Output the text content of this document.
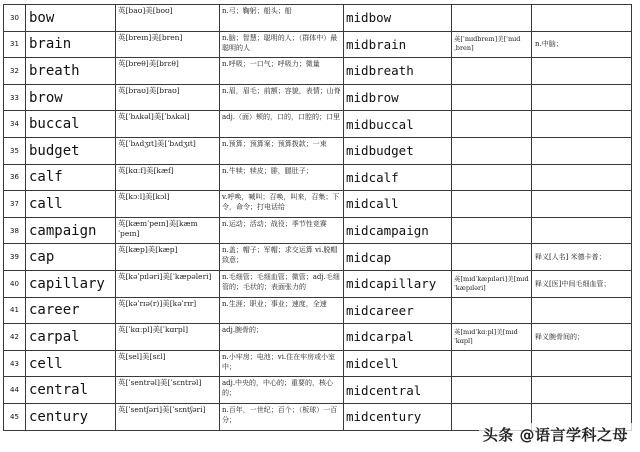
30	bow	英[baʊ]美[boʊ]	n.弓；鞠躬；船头；船	midbow		

31	brain	英[breɪn]美[bren]	n.脑；智慧；聪明的人；（群体中）最聪明的人	midbrain	英[ˈmɪdbreɪn]美[ˈmɪdˌbren]	n.中脑；

32	breath	英[breθ]美[brɛθ]	n.呼吸；一口气；呼吸力；微量	midbreath		

33	brow	英[braʊ]美[braʊ]	n.眉，眉毛；前额；容貌，表情；山脊	midbrow		

34	buccal	英[ˈbʌkəl]美[ˈbʌkəl]	adj.（面）颊的，口的，口腔的；口里	midbuccal		

35	budget	英[ˈbʌdʒɪt]美[ˈbʌdʒɪt]	n.预算；预算案；预算拨款；一束	midbudget		

36	calf	英[kɑːf]美[kæf]	n.牛犊；犊皮；腓，腿肚子；	midcalf		

37	call	英[kɔːl]美[kɔl]	v.呼唤，喊叫；召唤，叫来，召集；下令，命令；打电话给	midcall		

38	campaign	英[kæmˈpeɪn]美[kæmˈpeɪn]	n.运动；活动；战役；季节性竞赛	midcampaign		

39	cap	英[kæp]美[kæp]	n.盖；帽子；军帽；求交运算 vi.脱帽致意；	midcap		释义[人名] 米德卡普；

40	capillary	英[kəˈpɪləri]美[ˈkæpəleri]	n.毛细管；毛细血管；微管；adj.毛细管的；毛状的；表面张力的	midcapillary	英[mɪdˈkæpɪləri]美[mɪdˈkæpɪləri]	释义[医]中间毛细血管；

41	career	英[kəˈrɪə(r)]美[kəˈrɪr]	n.生涯；职业；事业；速度，全速	midcareer		

42	carpal	英[ˈkɑːpl]美[ˈkɑrpl]	adj.腕骨的；	midcarpal	英[mɪdˈkɑːpl]美[mɪdˈkɑpl]	释义腕骨间的；

43	cell	英[sel]美[sɛl]	n.小牢房；电池；vi.住在牢房或小室中；	midcell		

44	central	英[ˈsentrəl]美[ˈsɛntrəl]	adj.中央的，中心的；重要的，核心的；	midcentral		

45	century	英[ˈsentʃəri]美[ˈsɛntʃəri]	n.百年，一世纪；百个；（板球）一百分；	midcentury		

头条 @语言学科之母
